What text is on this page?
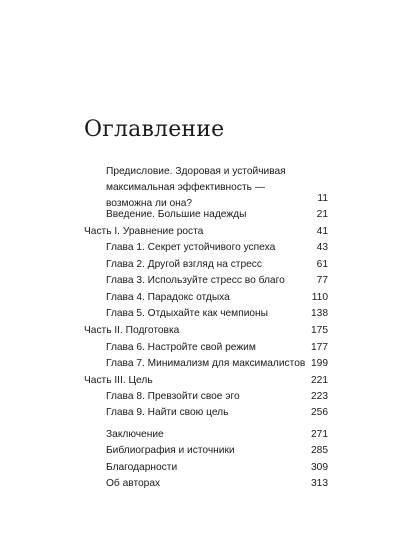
Оглавление
Предисловие. Здоровая и устойчивая
максимальная эффективность —
возможна ли она?	11
Введение. Большие надежды	21
Часть I. Уравнение роста	41
Глава 1. Секрет устойчивого успеха	43
Глава 2. Другой взгляд на стресс	61
Глава 3. Используйте стресс во благо	77
Глава 4. Парадокс отдыха	110
Глава 5. Отдыхайте как чемпионы	138
Часть II. Подготовка	175
Глава 6. Настройте свой режим	177
Глава 7. Минимализм для максималистов 199
Часть III. Цель	221
Глава 8. Превзойти свое эго	223
Глава 9. Найти свою цель	256
Заключение	271
Библиография и источники	285
Благодарности	309
Об авторах	313
